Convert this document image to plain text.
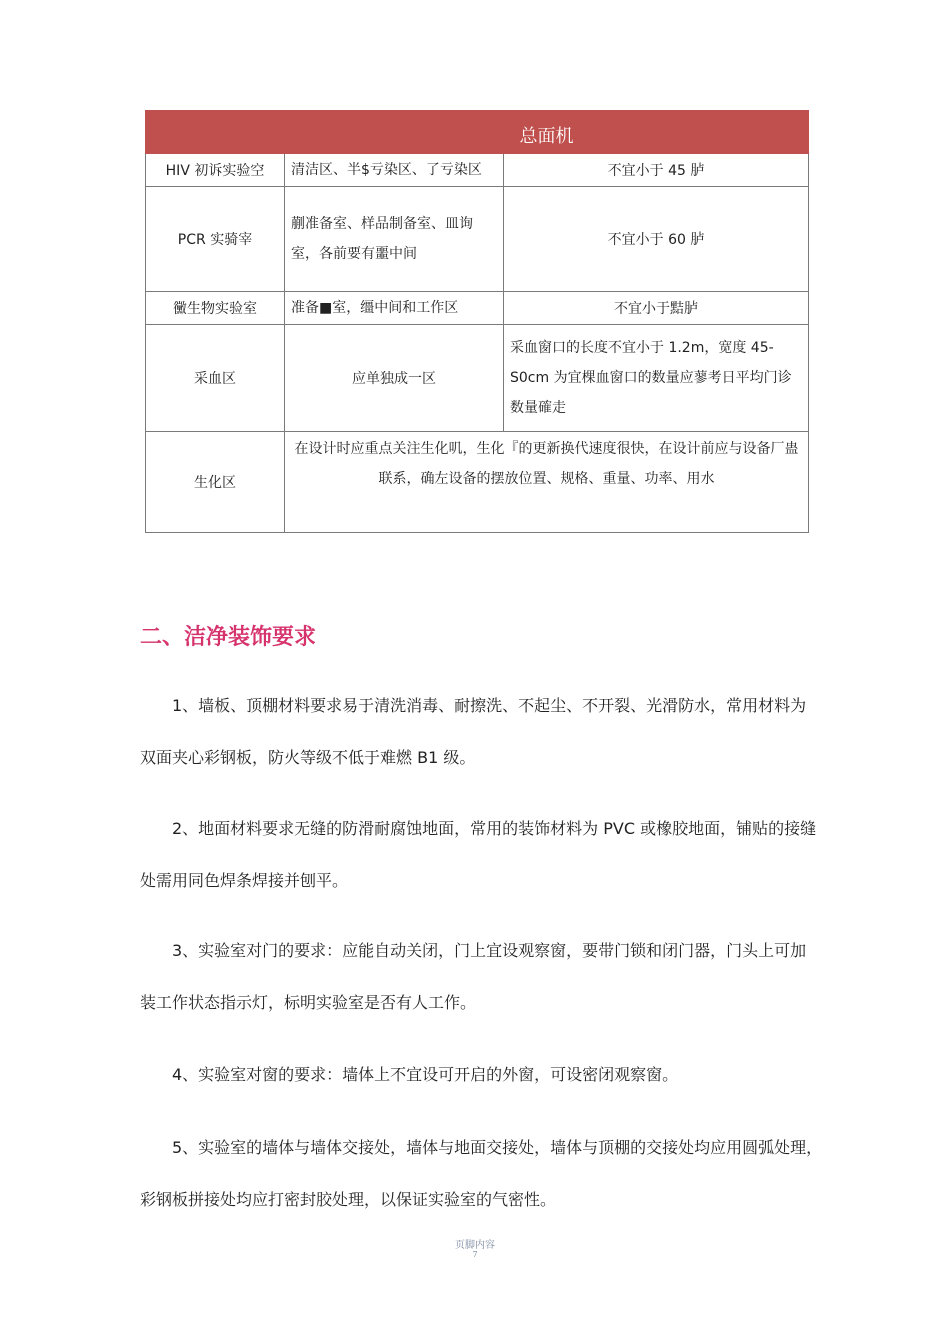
	总面机	
HIV 初诉实验空	清洁区、半$亏染区、了亏染区	不宜小于 45 胪
PCR 实骑宰	蒯准备室、样品制备室、皿询室，各前要有噩中间	不宜小于 60 胪
黴生物实验室	准备■室，缰中间和工作区	不宜小于黠胪
采血区	应单独成一区	采血窗口的长度不宜小于 1.2m，宽度 45-S0cm 为宜棵血窗口的数量应蓼考日平均门诊数量確走
生化区	在设计时应重点关注生化叽，生化『的更新换代速度很快，在设计前应与设备厂蛊联系，确左设备的摆放位置、规格、重量、功率、用水	
二、洁净装饰要求
1、墙板、顶棚材料要求易于清洗消毒、耐擦洗、不起尘、不开裂、光滑防水，常用材料为
双面夹心彩钢板，防火等级不低于难燃 B1 级。
2、地面材料要求无缝的防滑耐腐蚀地面，常用的装饰材料为 PVC 或橡胶地面，铺贴的接缝
处需用同色焊条焊接并刨平。
3、实验室对门的要求：应能自动关闭，门上宜设观察窗，要带门锁和闭门器，门头上可加
装工作状态指示灯，标明实验室是否有人工作。
4、实验室对窗的要求：墙体上不宜设可开启的外窗，可设密闭观察窗。
5、实验室的墙体与墙体交接处，墙体与地面交接处，墙体与顶棚的交接处均应用圆弧处理，
彩钢板拼接处均应打密封胶处理，以保证实验室的气密性。
页脚内容
7
